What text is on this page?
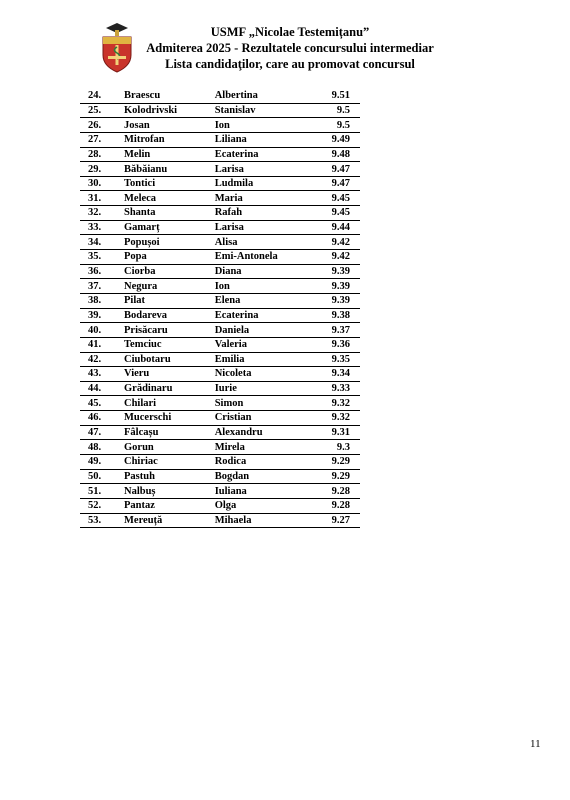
USMF „Nicolae Testemițanu”
Admiterea 2025 - Rezultatele concursului intermediar
Lista candidaţilor, care au promovat concursul
24.	Braescu	Albertina	9.51
25.	Kolodrivski	Stanislav	9.5
26.	Josan	Ion	9.5
27.	Mitrofan	Liliana	9.49
28.	Melin	Ecaterina	9.48
29.	Băbăianu	Larisa	9.47
30.	Tontici	Ludmila	9.47
31.	Meleca	Maria	9.45
32.	Shanta	Rafah	9.45
33.	Gamarț	Larisa	9.44
34.	Popușoi	Alisa	9.42
35.	Popa	Emi-Antonela	9.42
36.	Ciorba	Diana	9.39
37.	Negura	Ion	9.39
38.	Pilat	Elena	9.39
39.	Bodareva	Ecaterina	9.38
40.	Prisăcaru	Daniela	9.37
41.	Temciuc	Valeria	9.36
42.	Ciubotaru	Emilia	9.35
43.	Vieru	Nicoleta	9.34
44.	Grădinaru	Iurie	9.33
45.	Chilari	Simon	9.32
46.	Mucerschi	Cristian	9.32
47.	Fâlcașu	Alexandru	9.31
48.	Gorun	Mirela	9.3
49.	Chiriac	Rodica	9.29
50.	Pastuh	Bogdan	9.29
51.	Nalbuș	Iuliana	9.28
52.	Pantaz	Olga	9.28
53.	Mereuță	Mihaela	9.27
11
